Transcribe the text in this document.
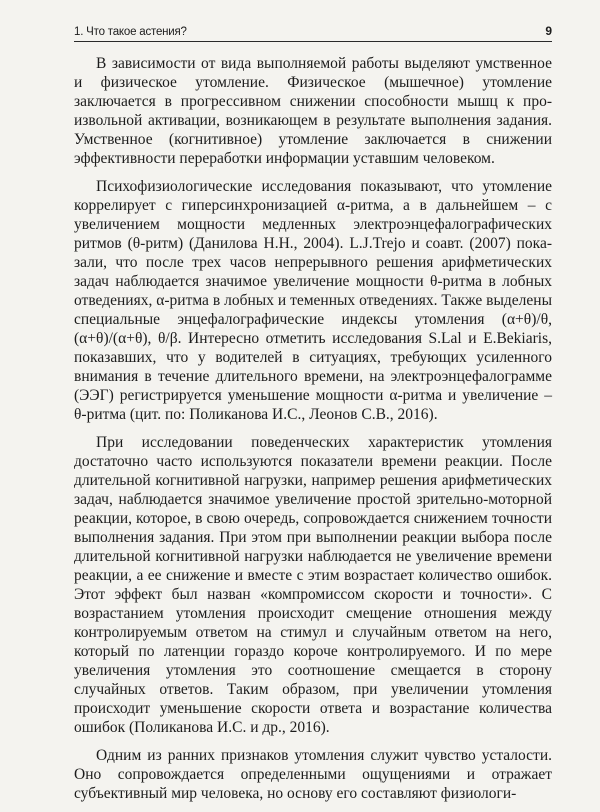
1. Что такое астения?	9

В зависимости от вида выполняемой работы выделяют умственное и физическое утомление. Физическое (мышечное) утомление заключается в прогрессивном снижении способности мышц к произвольной активации, возникающем в результате выполнения задания. Умственное (когнитивное) утомление заключается в снижении эффективности переработки информации уставшим человеком.

Психофизиологические исследования показывают, что утомление коррелирует с гиперсинхронизацией α-ритма, а в дальнейшем – с увеличением мощности медленных электроэнцефалографических ритмов (θ-ритм) (Данилова Н.Н., 2004). L.J.Trejo и соавт. (2007) показали, что после трех часов непрерывного решения арифметических задач наблюдается значимое увеличение мощности θ-ритма в лобных отведениях, α-ритма в лобных и теменных отведениях. Также выделены специальные энцефалографические индексы утомления (α+θ)/θ, (α+θ)/(α+θ), θ/β. Интересно отметить исследования S.Lal и E.Bekiaris, показавших, что у водителей в ситуациях, требующих усиленного внимания в течение длительного времени, на электроэнцефалограмме (ЭЭГ) регистрируется уменьшение мощности α-ритма и увеличение – θ-ритма (цит. по: Поликанова И.С., Леонов С.В., 2016).

При исследовании поведенческих характеристик утомления достаточно часто используются показатели времени реакции. После длительной когнитивной нагрузки, например решения арифметических задач, наблюдается значимое увеличение простой зрительно-моторной реакции, которое, в свою очередь, сопровождается снижением точности выполнения задания. При этом при выполнении реакции выбора после длительной когнитивной нагрузки наблюдается не увеличение времени реакции, а ее снижение и вместе с этим возрастает количество ошибок. Этот эффект был назван «компромиссом скорости и точности». С возрастанием утомления происходит смещение отношения между контролируемым ответом на стимул и случайным ответом на него, который по латенции гораздо короче контролируемого. И по мере увеличения утомления это соотношение смещается в сторону случайных ответов. Таким образом, при увеличении утомления происходит уменьшение скорости ответа и возрастание количества ошибок (Поликанова И.С. и др., 2016).

Одним из ранних признаков утомления служит чувство усталости. Оно сопровождается определенными ощущениями и отражает субъективный мир человека, но основу его составляют физиологи-
